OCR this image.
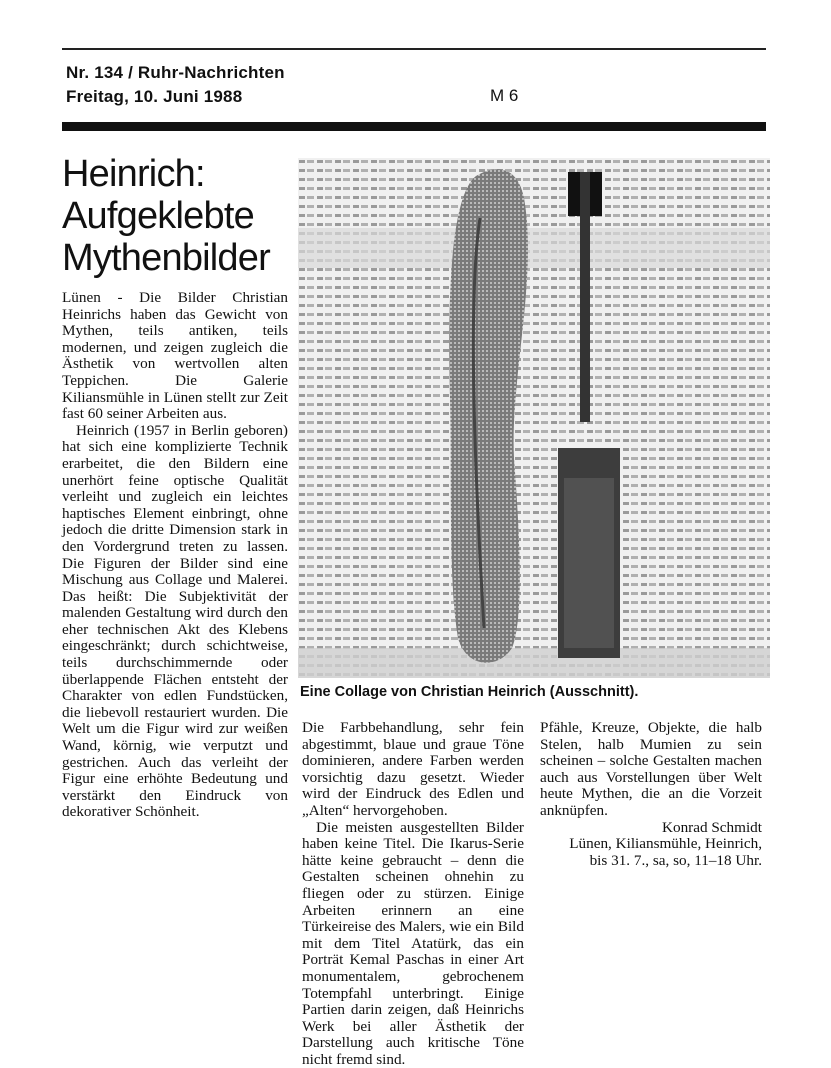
Nr. 134 / Ruhr-Nachrichten
Freitag, 10. Juni 1988	M 6
Heinrich: Aufgeklebte Mythenbilder
Eine Collage von Christian Heinrich (Ausschnitt).

Lünen - Die Bilder Christian Heinrichs haben das Gewicht von Mythen, teils antiken, teils modernen, und zeigen zugleich die Ästhetik von wertvollen alten Teppichen. Die Galerie Kiliansmühle in Lünen stellt zur Zeit fast 60 seiner Arbeiten aus.

Heinrich (1957 in Berlin geboren) hat sich eine komplizierte Technik erarbeitet, die den Bildern eine unerhört feine optische Qualität verleiht und zugleich ein leichtes haptisches Element einbringt, ohne jedoch die dritte Dimension stark in den Vordergrund treten zu lassen. Die Figuren der Bilder sind eine Mischung aus Collage und Malerei. Das heißt: Die Subjektivität der malenden Gestaltung wird durch den eher technischen Akt des Klebens eingeschränkt; durch schichtweise, teils durchschimmernde oder überlappende Flächen entsteht der Charakter von edlen Fundstücken, die liebevoll restauriert wurden. Die Welt um die Figur wird zur weißen Wand, körnig, wie verputzt und gestrichen. Auch das verleiht der Figur eine erhöhte Bedeutung und verstärkt den Eindruck von dekorativer Schönheit.

Die Farbbehandlung, sehr fein abgestimmt, blaue und graue Töne dominieren, andere Farben werden vorsichtig dazu gesetzt. Wieder wird der Eindruck des Edlen und „Alten“ hervorgehoben.

Die meisten ausgestellten Bilder haben keine Titel. Die Ikarus-Serie hätte keine gebraucht – denn die Gestalten scheinen ohnehin zu fliegen oder zu stürzen. Einige Arbeiten erinnern an eine Türkeireise des Malers, wie ein Bild mit dem Titel Atatürk, das ein Porträt Kemal Paschas in einer Art monumentalem, gebrochenem Totempfahl unterbringt. Einige Partien darin zeigen, daß Heinrichs Werk bei aller Ästhetik der Darstellung auch kritische Töne nicht fremd sind.

Pfähle, Kreuze, Objekte, die halb Stelen, halb Mumien zu sein scheinen – solche Gestalten machen auch aus Vorstellungen über Welt heute Mythen, die an die Vorzeit anknüpfen.

Konrad Schmidt

Lünen, Kiliansmühle, Heinrich, bis 31. 7., sa, so, 11–18 Uhr.
